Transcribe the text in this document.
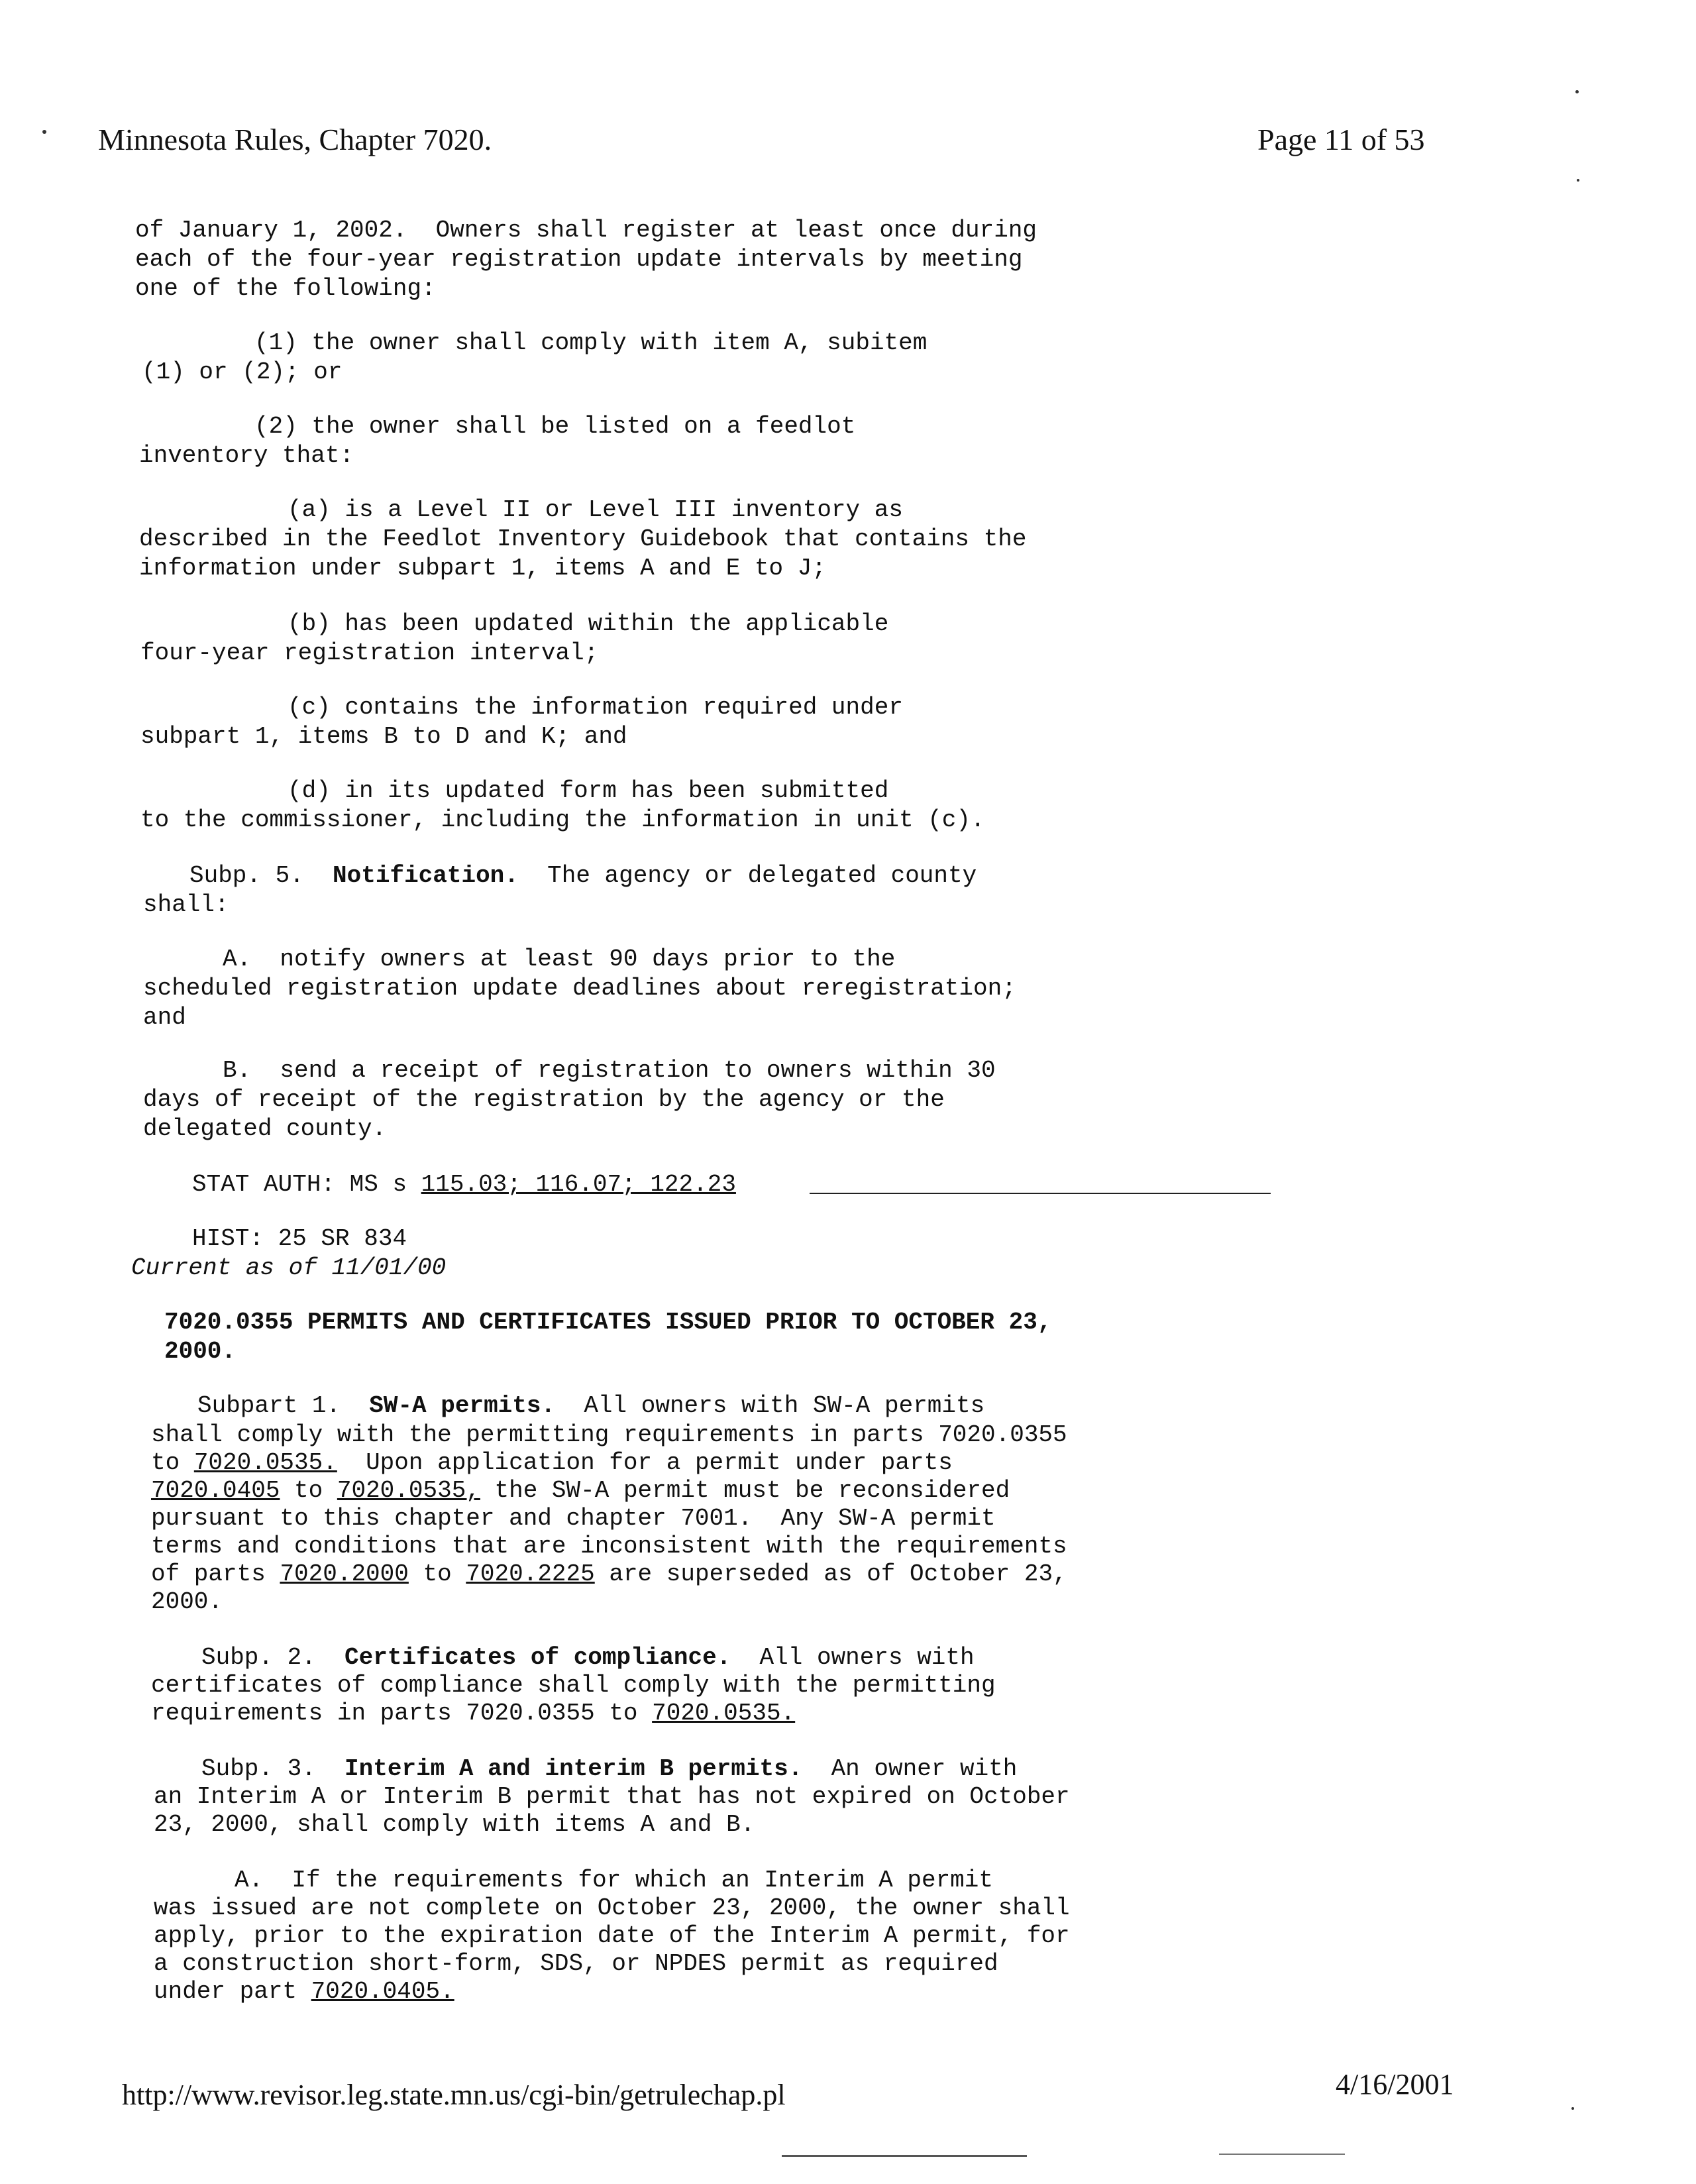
Minnesota Rules, Chapter 7020.	Page 11 of 53
of January 1, 2002.  Owners shall register at least once during
each of the four-year registration update intervals by meeting
one of the following:
(1) the owner shall comply with item A, subitem
(1) or (2); or
(2) the owner shall be listed on a feedlot
inventory that:
(a) is a Level II or Level III inventory as
described in the Feedlot Inventory Guidebook that contains the
information under subpart 1, items A and E to J;
(b) has been updated within the applicable
four-year registration interval;
(c) contains the information required under
subpart 1, items B to D and K; and
(d) in its updated form has been submitted
to the commissioner, including the information in unit (c).
Subp. 5.  Notification.  The agency or delegated county
shall:
A.  notify owners at least 90 days prior to the
scheduled registration update deadlines about reregistration;
and
B.  send a receipt of registration to owners within 30
days of receipt of the registration by the agency or the
delegated county.
STAT AUTH: MS s 115.03; 116.07; 122.23
HIST: 25 SR 834
Current as of 11/01/00
7020.0355 PERMITS AND CERTIFICATES ISSUED PRIOR TO OCTOBER 23,
2000.
Subpart 1.  SW-A permits.  All owners with SW-A permits
shall comply with the permitting requirements in parts 7020.0355
to 7020.0535.  Upon application for a permit under parts
7020.0405 to 7020.0535, the SW-A permit must be reconsidered
pursuant to this chapter and chapter 7001.  Any SW-A permit
terms and conditions that are inconsistent with the requirements
of parts 7020.2000 to 7020.2225 are superseded as of October 23,
2000.
Subp. 2.  Certificates of compliance.  All owners with
certificates of compliance shall comply with the permitting
requirements in parts 7020.0355 to 7020.0535.
Subp. 3.  Interim A and interim B permits.  An owner with
an Interim A or Interim B permit that has not expired on October
23, 2000, shall comply with items A and B.
A.  If the requirements for which an Interim A permit
was issued are not complete on October 23, 2000, the owner shall
apply, prior to the expiration date of the Interim A permit, for
a construction short-form, SDS, or NPDES permit as required
under part 7020.0405.
http://www.revisor.leg.state.mn.us/cgi-bin/getrulechap.pl	4/16/2001
